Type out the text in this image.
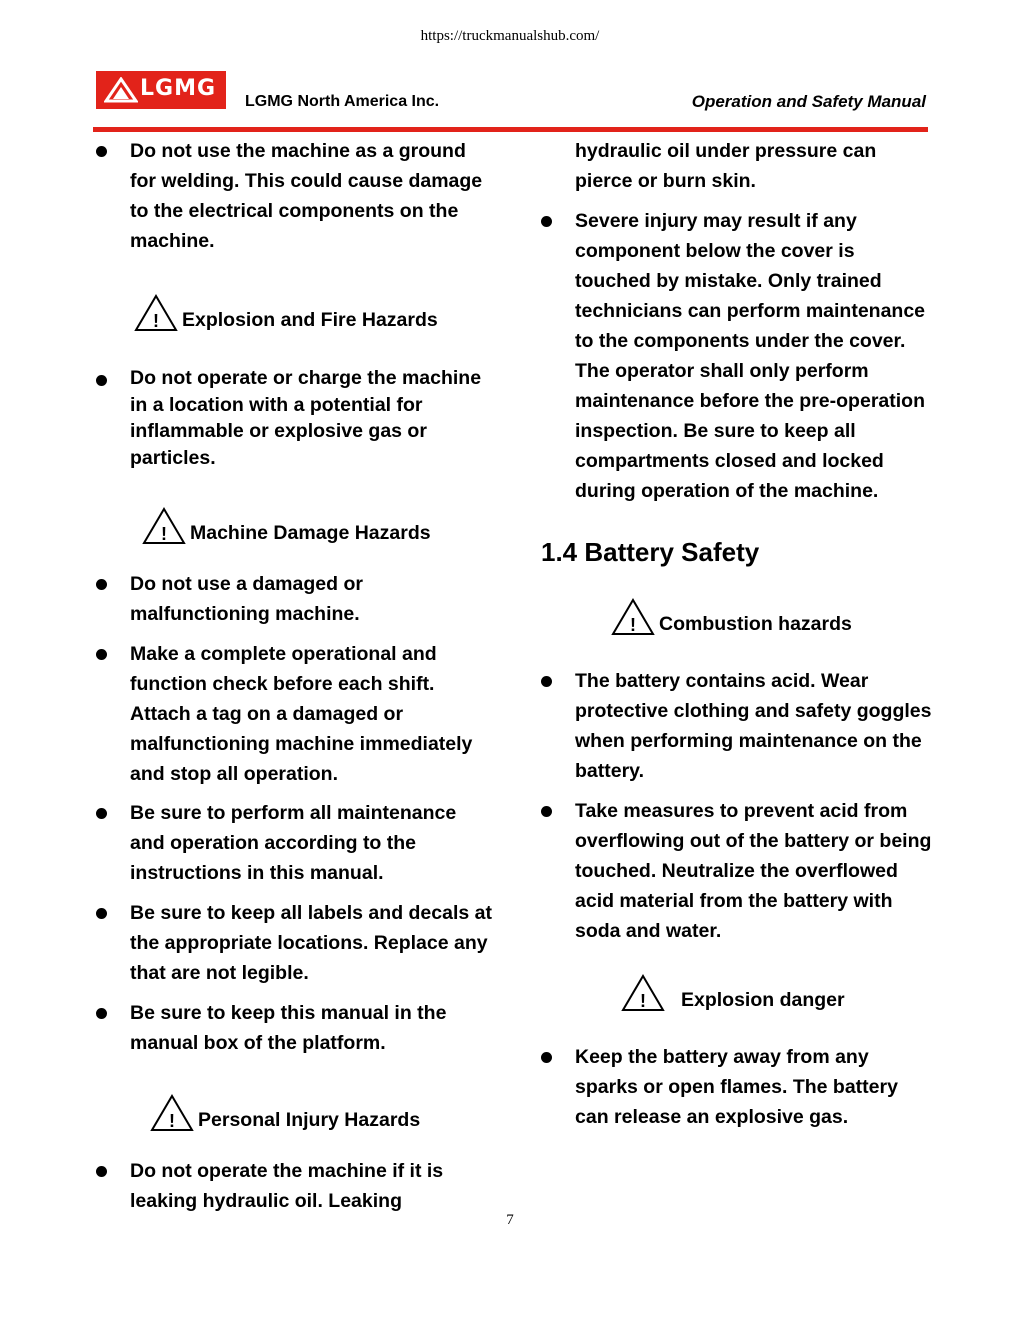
https://truckmanualshub.com/
LGMG
LGMG North America Inc.	Operation and Safety Manual
Do not use the machine as a ground for welding. This could cause damage to the electrical components on the machine.
! Explosion and Fire Hazards
Do not operate or charge the machine in a location with a potential for inflammable or explosive gas or particles.
! Machine Damage Hazards
Do not use a damaged or malfunctioning machine.
Make a complete operational and function check before each shift. Attach a tag on a damaged or malfunctioning machine immediately and stop all operation.
Be sure to perform all maintenance and operation according to the instructions in this manual.
Be sure to keep all labels and decals at the appropriate locations. Replace any that are not legible.
Be sure to keep this manual in the manual box of the platform.
! Personal Injury Hazards
Do not operate the machine if it is leaking hydraulic oil. Leaking
hydraulic oil under pressure can pierce or burn skin.
Severe injury may result if any component below the cover is touched by mistake. Only trained technicians can perform maintenance to the components under the cover. The operator shall only perform maintenance before the pre-operation inspection. Be sure to keep all compartments closed and locked during operation of the machine.
1.4 Battery Safety
! Combustion hazards
The battery contains acid. Wear protective clothing and safety goggles when performing maintenance on the battery.
Take measures to prevent acid from overflowing out of the battery or being touched. Neutralize the overflowed acid material from the battery with soda and water.
! Explosion danger
Keep the battery away from any sparks or open flames. The battery can release an explosive gas.
7
